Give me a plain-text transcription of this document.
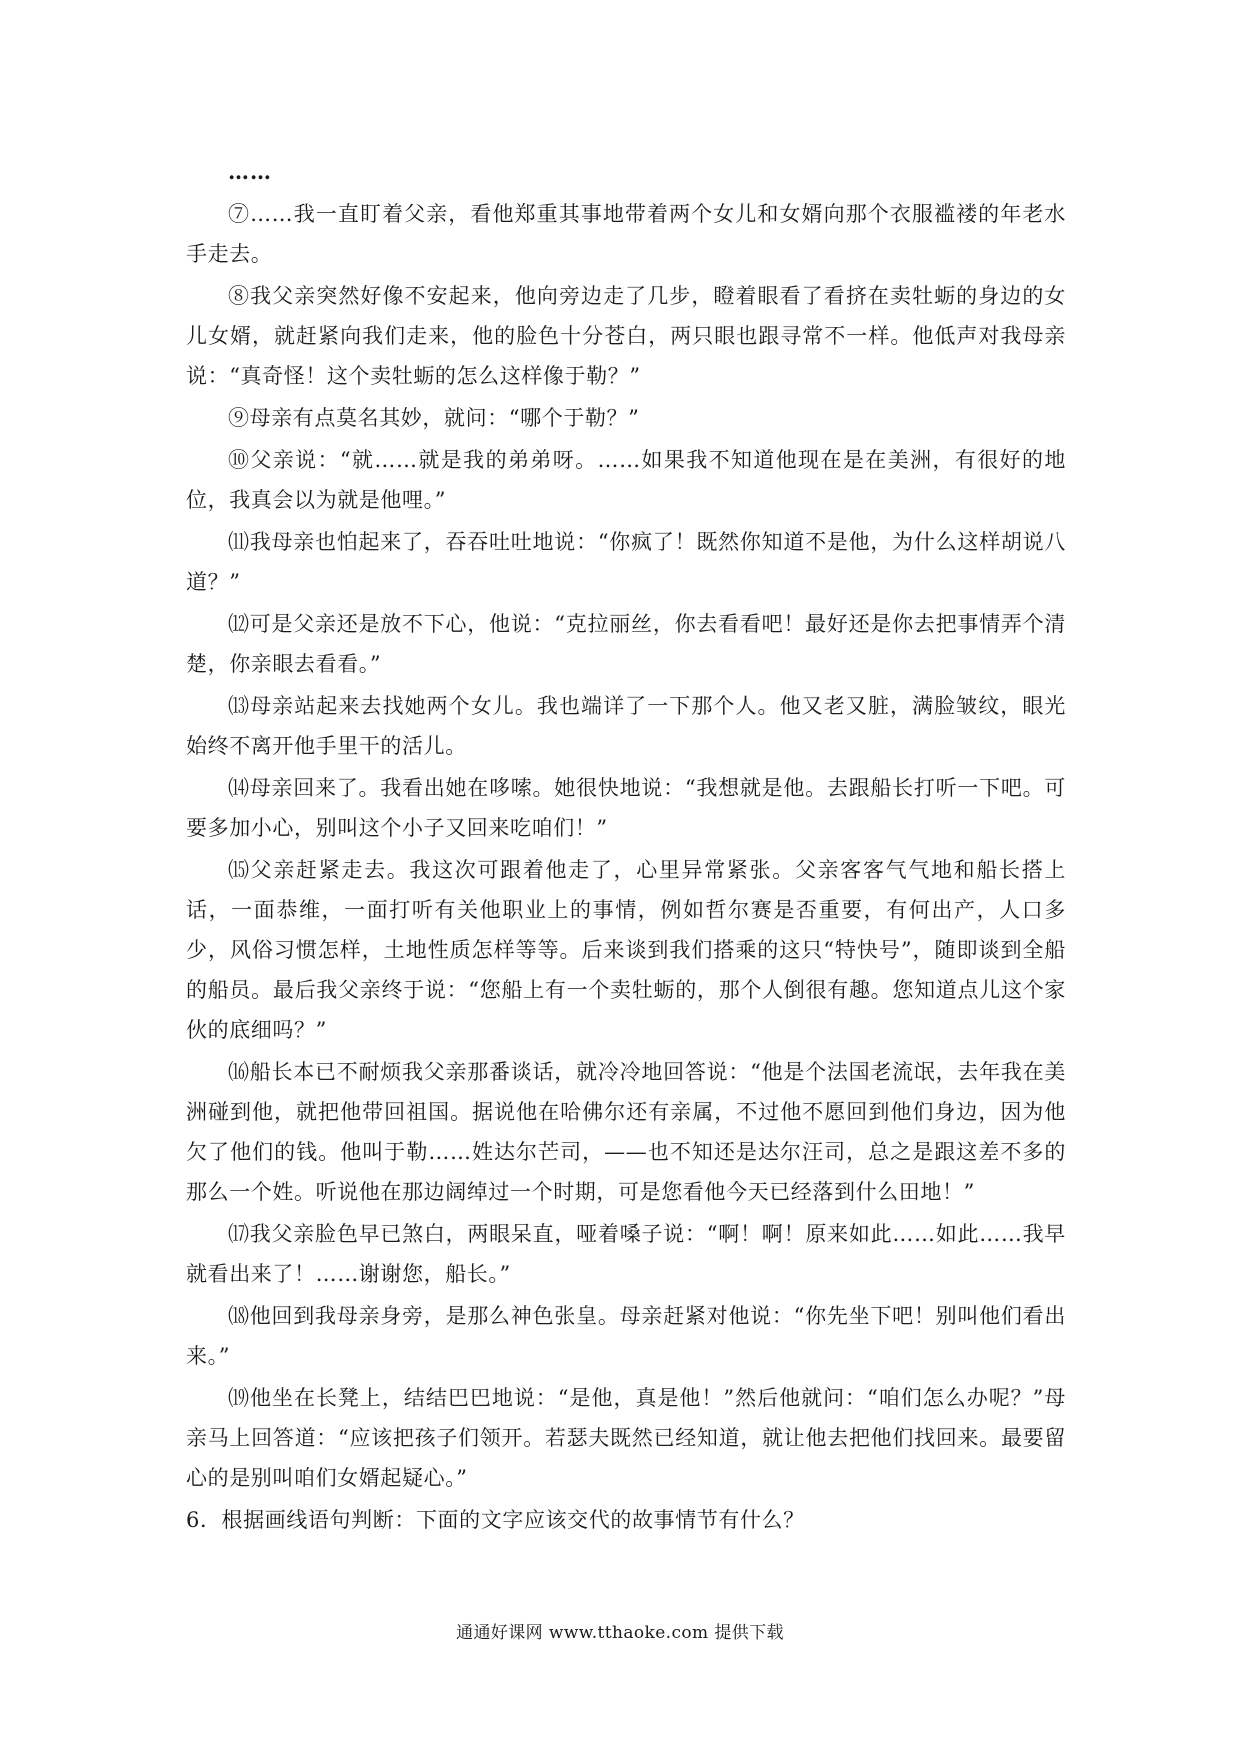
……

⑦……我一直盯着父亲，看他郑重其事地带着两个女儿和女婿向那个衣服褴褛的年老水手走去。

⑧我父亲突然好像不安起来，他向旁边走了几步，瞪着眼看了看挤在卖牡蛎的身边的女儿女婿，就赶紧向我们走来，他的脸色十分苍白，两只眼也跟寻常不一样。他低声对我母亲说：“真奇怪！这个卖牡蛎的怎么这样像于勒？”

⑨母亲有点莫名其妙，就问：“哪个于勒？”

⑩父亲说：“就……就是我的弟弟呀。……如果我不知道他现在是在美洲，有很好的地位，我真会以为就是他哩。”

⑾我母亲也怕起来了，吞吞吐吐地说：“你疯了！既然你知道不是他，为什么这样胡说八道？”

⑿可是父亲还是放不下心，他说：“克拉丽丝，你去看看吧！最好还是你去把事情弄个清楚，你亲眼去看看。”

⒀母亲站起来去找她两个女儿。我也端详了一下那个人。他又老又脏，满脸皱纹，眼光始终不离开他手里干的活儿。

⒁母亲回来了。我看出她在哆嗦。她很快地说：“我想就是他。去跟船长打听一下吧。可要多加小心，别叫这个小子又回来吃咱们！”

⒂父亲赶紧走去。我这次可跟着他走了，心里异常紧张。父亲客客气气地和船长搭上话，一面恭维，一面打听有关他职业上的事情，例如哲尔赛是否重要，有何出产，人口多少，风俗习惯怎样，土地性质怎样等等。后来谈到我们搭乘的这只“特快号”，随即谈到全船的船员。最后我父亲终于说：“您船上有一个卖牡蛎的，那个人倒很有趣。您知道点儿这个家伙的底细吗？”

⒃船长本已不耐烦我父亲那番谈话，就冷冷地回答说：“他是个法国老流氓，去年我在美洲碰到他，就把他带回祖国。据说他在哈佛尔还有亲属，不过他不愿回到他们身边，因为他欠了他们的钱。他叫于勒……姓达尔芒司，——也不知还是达尔汪司，总之是跟这差不多的那么一个姓。听说他在那边阔绰过一个时期，可是您看他今天已经落到什么田地！”

⒄我父亲脸色早已煞白，两眼呆直，哑着嗓子说：“啊！啊！原来如此……如此……我早就看出来了！……谢谢您，船长。”

⒅他回到我母亲身旁，是那么神色张皇。母亲赶紧对他说：“你先坐下吧！别叫他们看出来。”

⒆他坐在长凳上，结结巴巴地说：“是他，真是他！”然后他就问：“咱们怎么办呢？”母亲马上回答道：“应该把孩子们领开。若瑟夫既然已经知道，就让他去把他们找回来。最要留心的是别叫咱们女婿起疑心。”

6．根据画线语句判断：下面的文字应该交代的故事情节有什么？

通通好课网 www.tthaoke.com 提供下载
